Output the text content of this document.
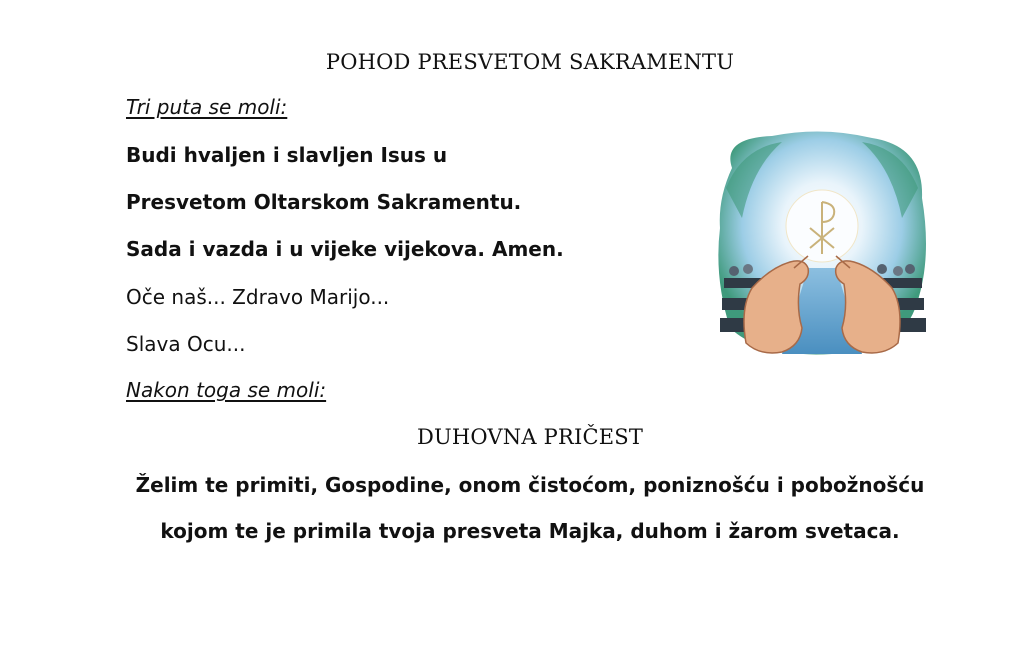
POHOD PRESVETOM SAKRAMENTU
Tri puta se moli:
Budi hvaljen i slavljen Isus u
Presvetom Oltarskom Sakramentu.
Sada i vazda i u vijeke vijekova. Amen.
Oče naš... Zdravo Marijo...
Slava Ocu...
Nakon toga se moli:
DUHOVNA PRIČEST
Želim te primiti, Gospodine, onom čistoćom, poniznošću i pobožnošću
kojom te je primila tvoja presveta Majka, duhom i žarom svetaca.
